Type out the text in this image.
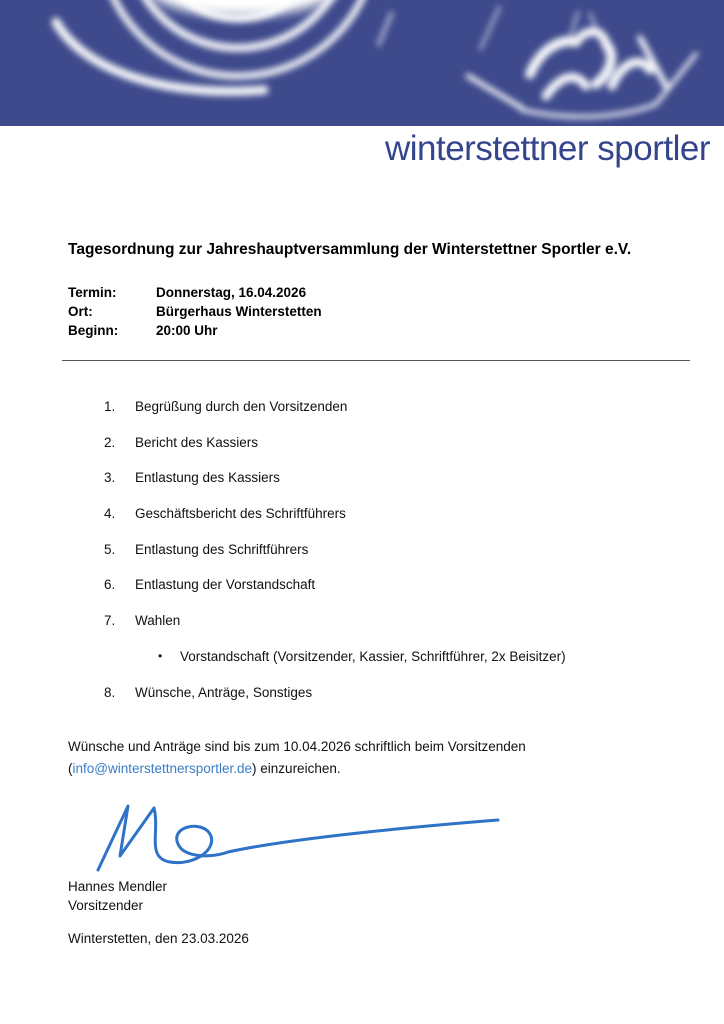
winterstettner sportler
Tagesordnung zur Jahreshauptversammlung der Winterstettner Sportler e.V.
Termin:	Donnerstag, 16.04.2026
Ort:	Bürgerhaus Winterstetten
Beginn:	20:00 Uhr
1.	Begrüßung durch den Vorsitzenden
2.	Bericht des Kassiers
3.	Entlastung des Kassiers
4.	Geschäftsbericht des Schriftführers
5.	Entlastung des Schriftführers
6.	Entlastung der Vorstandschaft
7.	Wahlen
•	Vorstandschaft (Vorsitzender, Kassier, Schriftführer, 2x Beisitzer)
8.	Wünsche, Anträge, Sonstiges
Wünsche und Anträge sind bis zum 10.04.2026 schriftlich beim Vorsitzenden
(info@winterstettnersportler.de) einzureichen.
Hannes Mendler
Vorsitzender
Winterstetten, den 23.03.2026
